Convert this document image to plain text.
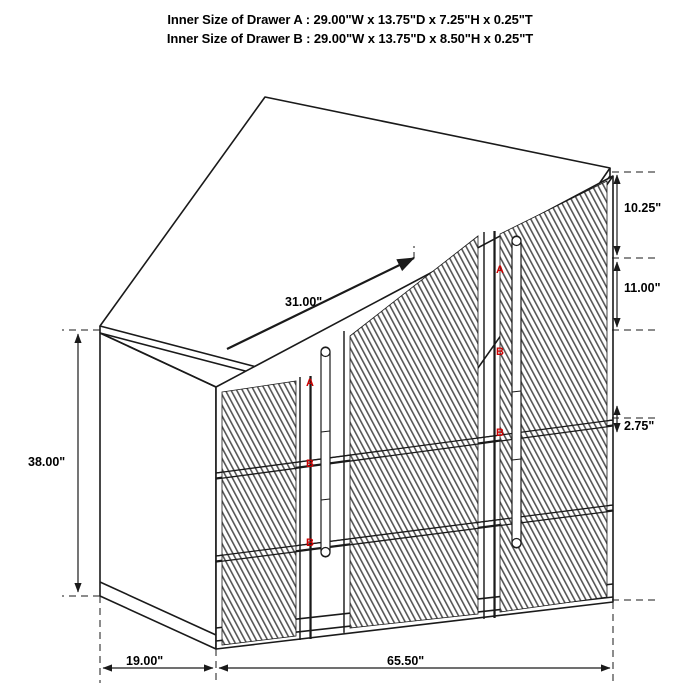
Inner Size of Drawer A : 29.00"W x 13.75"D x 7.25"H x 0.25"T
Inner Size of Drawer B : 29.00"W x 13.75"D x 8.50"H x 0.25"T
A
B
B
A
B
B
10.25"
11.00"
2.75"
31.00"
38.00"
19.00"	65.50"
